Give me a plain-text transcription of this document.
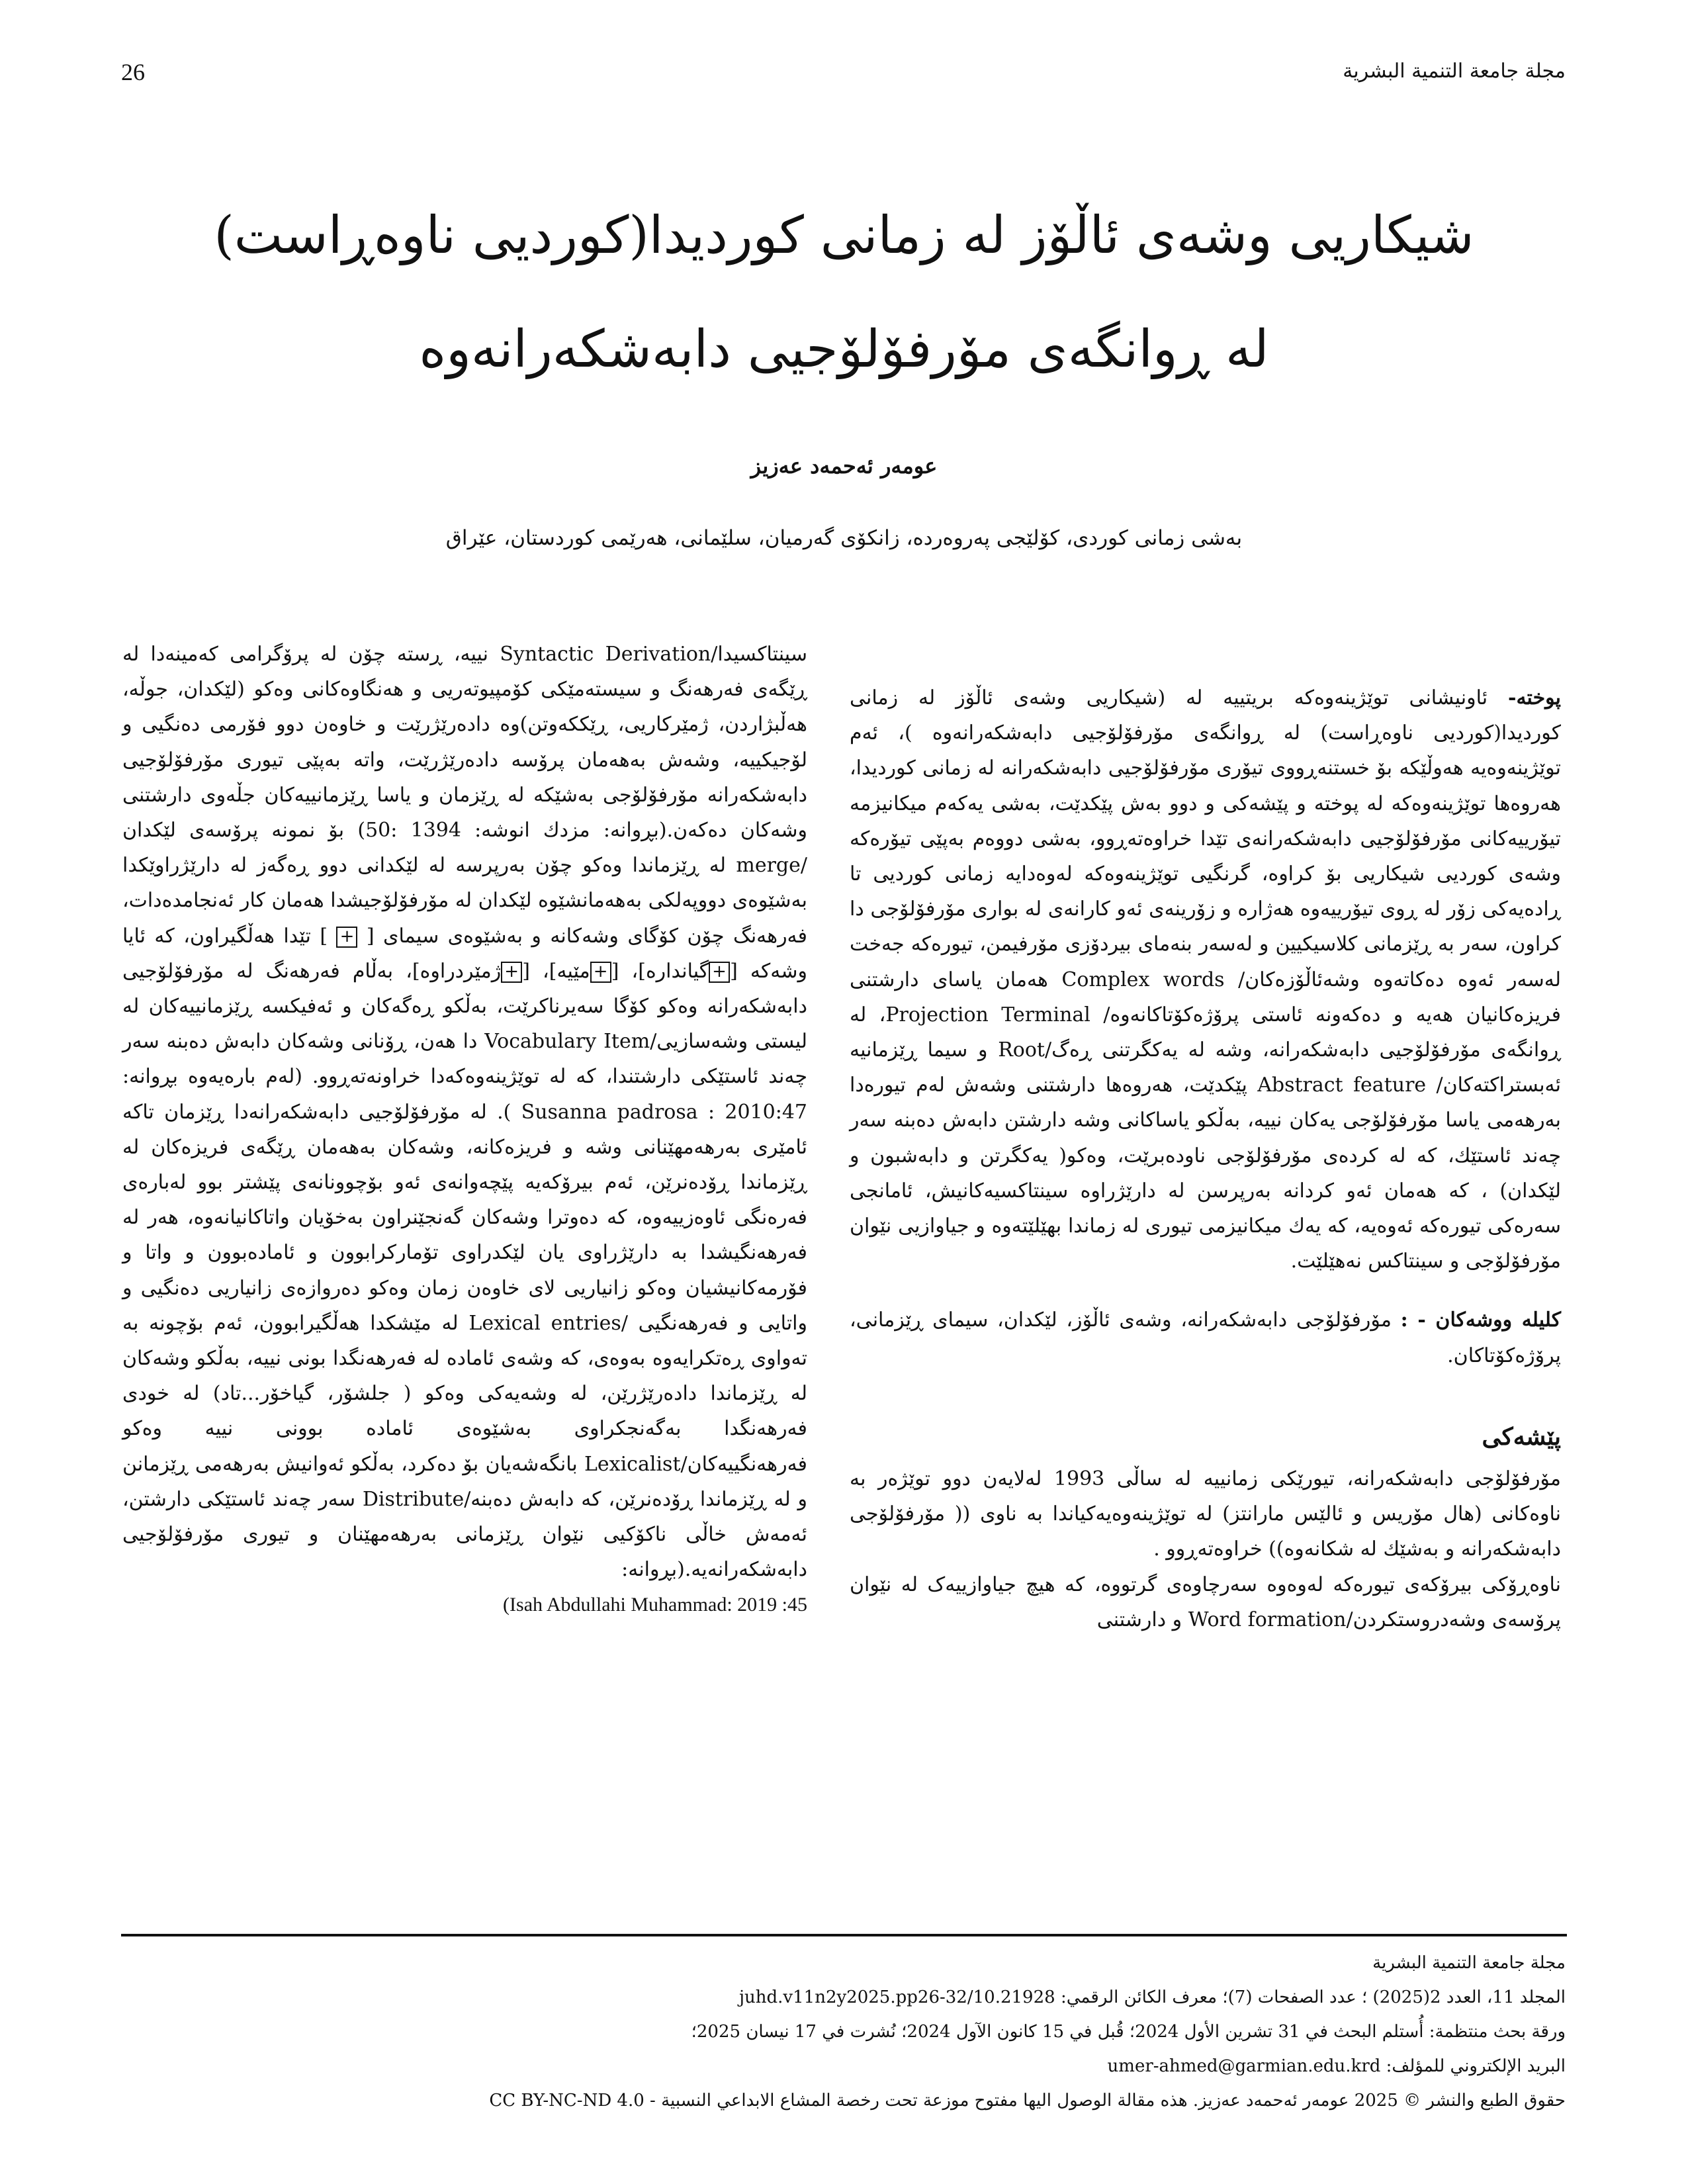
26	مجلة جامعة التنمية البشرية
شیکاریی وشەی ئاڵۆز لە زمانی کوردیدا(کوردیی ناوەڕاست)
لە ڕوانگەی مۆرفۆلۆجیی دابەشکەرانەوە
عومەر ئەحمەد عەزیز
بەشی زمانی کوردی، کۆلێجی پەروەردە، زانکۆی گەرمیان، سلێمانی، هەرێمی کوردستان، عێراق

پوختە- ئاونیشانی توێژینەوەکە بریتییە لە (شیکاریی وشەی ئاڵۆز لە زمانی کوردیدا(کوردیی ناوەڕاست) لە ڕوانگەی مۆرفۆلۆجیی دابەشکەرانەوە )، ئەم توێژینەوەیە هەوڵێکە بۆ خستنەڕووی تیۆری مۆرفۆلۆجیی دابەشکەرانە لە زمانی کوردیدا، هەروەها توێژینەوەکە لە پوختە و پێشەکی و دوو بەش پێکدێت، بەشی یەکەم میکانیزمە تیۆرییەکانی مۆرفۆلۆجیی دابەشکەرانەی تێدا خراوەتەڕوو، بەشی دووەم بەپێی تیۆرەکە وشەی کوردیی شیکاریی بۆ کراوە، گرنگیی توێژینەوەکە لەوەدایە زمانی کوردیی تا ڕادەیەکی زۆر لە ڕوی تیۆرییەوە هەژارە و زۆرینەی ئەو کارانەی لە بواری مۆرفۆلۆجی دا کراون، سەر بە ڕێزمانی کلاسیکیین و لەسەر بنەمای بیردۆزی مۆرفیمن، تیورەکە جەخت لەسەر ئەوە دەکاتەوە وشەئاڵۆزەکان/ Complex words هەمان یاسای دارشتنی فریزەکانیان هەیە و دەکەونە ئاستی پرۆژەکۆتاکانەوە/ Projection Terminal، لە ڕوانگەی مۆرفۆلۆجیی دابەشکەرانە، وشە لە یەکگرتنی ڕەگ/Root و سیما ڕێزمانیە ئەبستراکتەکان/ Abstract feature پێکدێت، هەروەها دارشتنی وشەش لەم تیورەدا بەرهەمی یاسا مۆرفۆلۆجی یەکان نییە، بەڵکو یاساکانی وشە دارشتن دابەش دەبنە سەر چەند ئاستێك، کە لە کردەی مۆرفۆلۆجی ناودەبرێت، وەکو( یەکگرتن و دابەشبون و لێکدان) ، کە هەمان ئەو کردانە بەرپرسن لە دارێژراوە سینتاکسیەکانیش، ئامانجی سەرەکی تیورەکە ئەوەیە، کە یەك میکانیزمی تیوری لە زماندا بهێلێتەوە و جیاوازیی نێوان مۆرفۆلۆجی و سینتاکس نەهێلێت.

کلیلە ووشەکان - : مۆرفۆلۆجی دابەشکەرانە، وشەی ئاڵۆز، لێکدان، سیمای ڕێزمانی، پرۆژەکۆتاکان.

پێشەکی

مۆرفۆلۆجی دابەشکەرانە، تیورێکی زمانییە لە ساڵی 1993 لەلایەن دوو توێژەر بە ناوەکانی (هال مۆریس و ئالێس مارانتز) لە توێژینەوەیەکیاندا بە ناوی (( مۆرفۆلۆجی دابەشکەرانە و بەشێك لە شکانەوە)) خراوەتەڕوو .

ناوەڕۆکی بیرۆکەی تیورەکە لەوەوە سەرچاوەی گرتووە، کە هیچ جیاوازییەک لە نێوان پرۆسەی وشەدروستکردن/Word formation و دارشتنی

سینتاکسیدا/Syntactic Derivation نییە، ڕستە چۆن لە پرۆگرامی کەمینەدا لە ڕێگەی فەرهەنگ و سیستەمێکی کۆمپیوتەریی و هەنگاوەکانی وەکو (لێکدان، جوڵە، هەڵبژاردن، ژمێرکاریی، ڕێککەوتن)وە دادەرێژرێت و خاوەن دوو فۆرمی دەنگیی و لۆجیکییە، وشەش بەهەمان پرۆسە دادەرێژرێت، واتە بەپێی تیوری مۆرفۆلۆجیی دابەشکەرانە مۆرفۆلۆجی بەشێکە لە ڕێزمان و یاسا ڕێزمانییەکان جڵەوی دارشتنی وشەکان دەکەن.(بڕوانە: مزدك انوشه: 1394 :50) بۆ نمونە پرۆسەی لێکدان /merge لە ڕێزماندا وەکو چۆن بەرپرسە لە لێکدانی دوو ڕەگەز لە دارێژراوێکدا بەشێوەی دووپەلکی بەهەمانشێوە لێکدان لە مۆرفۆلۆجیشدا هەمان کار ئەنجامدەدات، فەرهەنگ چۆن کۆگای وشەکانە و بەشێوەی سیمای [ + ] تێدا هەڵگیراون، کە ئایا وشەکە [+گیاندارە]، [+مێیە]، [+ژمێردراوە]، بەڵام فەرهەنگ لە مۆرفۆلۆجیی دابەشکەرانە وەکو کۆگا سەیرناکرێت، بەڵکو ڕەگەکان و ئەفیکسە ڕێزمانییەکان لە لیستی وشەسازیی/Vocabulary Item دا هەن، ڕۆنانی وشەکان دابەش دەبنە سەر چەند ئاستێکی دارشتندا، کە لە توێژینەوەکەدا خراونەتەڕوو. (لەم بارەیەوە بڕوانە: Susanna padrosa : 2010:47 ). لە مۆرفۆلۆجیی دابەشکەرانەدا ڕێزمان تاکە ئامێری بەرهەمهێنانی وشە و فریزەکانە، وشەکان بەهەمان ڕێگەی فریزەکان لە ڕێزماندا ڕۆدەنرێن، ئەم بیرۆکەیە پێچەوانەی ئەو بۆچوونانەی پێشتر بوو لەبارەی فەرەنگی ئاوەزییەوە، کە دەوترا وشەکان گەنجێنراون بەخۆیان واتاکانیانەوە، هەر لە فەرهەنگیشدا بە دارێژراوی یان لێکدراوی تۆمارکرابوون و ئامادەبوون و واتا و فۆرمەکانیشیان وەکو زانیاریی لای خاوەن زمان وەکو دەروازەی زانیاریی دەنگیی و واتایی و فەرهەنگیی /Lexical entries لە مێشکدا هەڵگیرابوون، ئەم بۆچونە بە تەواوی ڕەتکرایەوە بەوەی، کە وشەی ئامادە لە فەرهەنگدا بونی نییە، بەڵکو وشەکان لە ڕێزماندا دادەرێژرێن، لە وشەیەکی وەکو ( جلشۆر، گیاخۆر...تاد) لە خودی فەرهەنگدا بەگەنجکراوی بەشێوەی ئامادە بوونی نییە وەکو فەرهەنگییەکان/Lexicalist بانگەشەیان بۆ دەکرد، بەڵکو ئەوانیش بەرهەمی ڕێزمانن و لە ڕێزماندا ڕۆدەنرێن، کە دابەش دەبنە/Distribute سەر چەند ئاستێکی دارشتن، ئەمەش خاڵی ناکۆکیی نێوان ڕێزمانی بەرهەمهێنان و تیوری مۆرفۆلۆجیی دابەشکەرانەیە.(بڕوانە:

(Isah Abdullahi Muhammad: 2019 :45

مجلة جامعة التنمية البشرية
المجلد 11، العدد 2(2025) ؛ عدد الصفحات (7)؛ معرف الكائن الرقمي: 10.21928/juhd.v11n2y2025.pp26-32
ورقة بحث منتظمة: أُستلم البحث في 31 تشرين الأول 2024؛ قُبل في 15 كانون الآول 2024؛ نُشرت في 17 نيسان 2025؛
البريد الإلكتروني للمؤلف: umer-ahmed@garmian.edu.krd
حقوق الطبع والنشر © 2025 عومەر ئەحمەد عەزیز. هذه مقالة الوصول اليها مفتوح موزعة تحت رخصة المشاع الابداعي النسبية - CC BY-NC-ND 4.0
